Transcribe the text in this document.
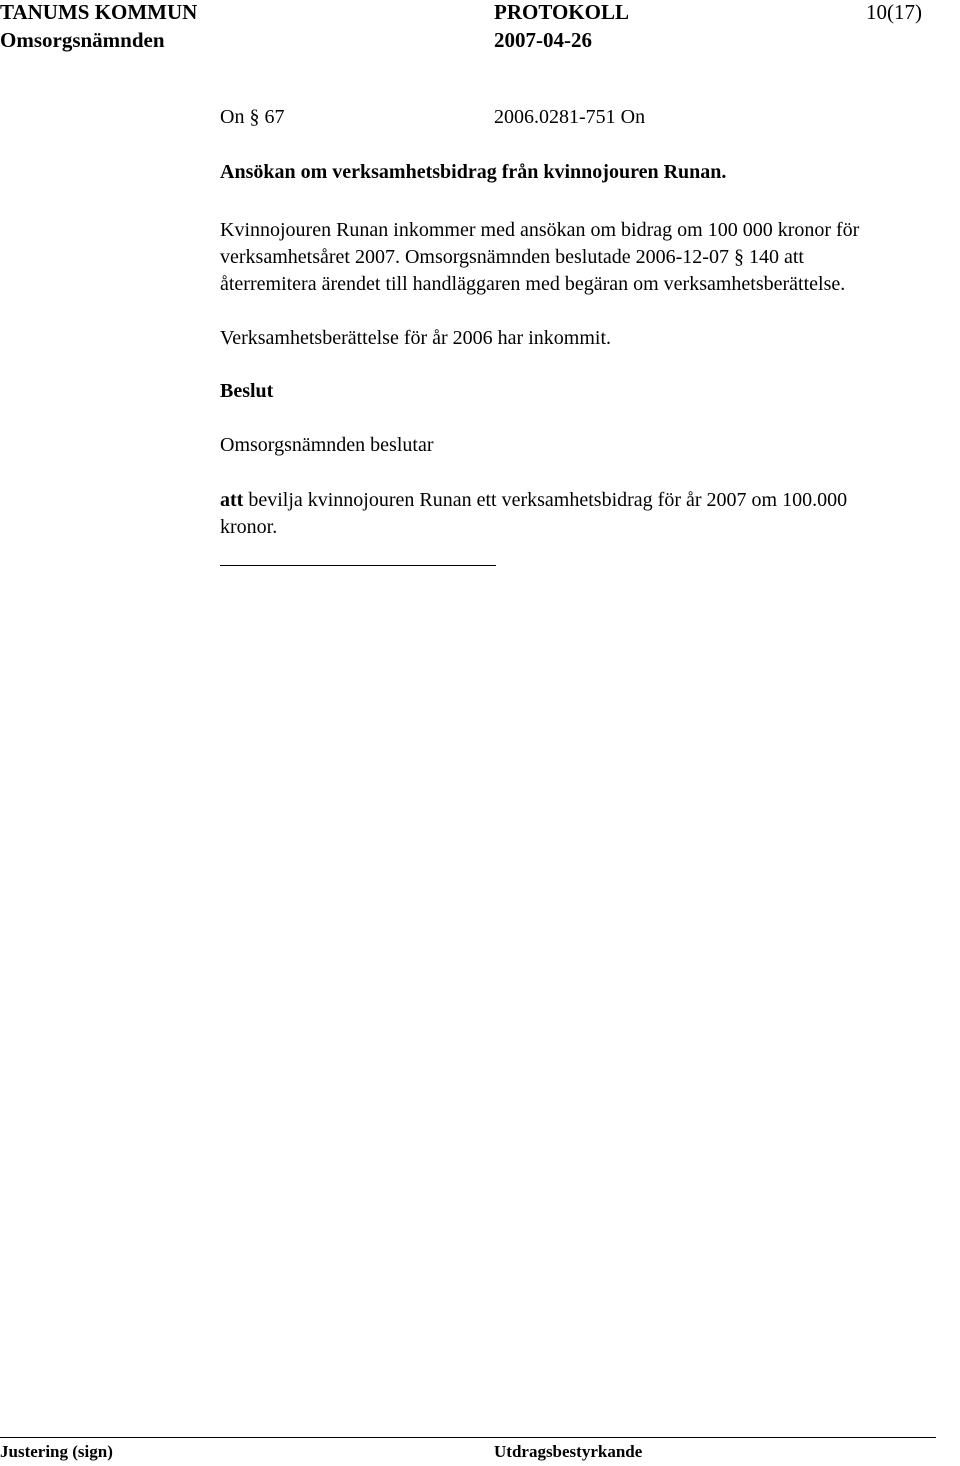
TANUMS KOMMUN	PROTOKOLL	10(17)
Omsorgsnämnden	2007-04-26
On § 67	2006.0281-751 On
Ansökan om verksamhetsbidrag från kvinnojouren Runan.
Kvinnojouren Runan inkommer med ansökan om bidrag om 100 000 kronor för
verksamhetsåret 2007. Omsorgsnämnden beslutade 2006-12-07 § 140 att
återremitera ärendet till handläggaren med begäran om verksamhetsberättelse.
Verksamhetsberättelse för år 2006 har inkommit.
Beslut
Omsorgsnämnden beslutar
att bevilja kvinnojouren Runan ett verksamhetsbidrag för år 2007 om 100.000
kronor.
Justering (sign)	Utdragsbestyrkande
